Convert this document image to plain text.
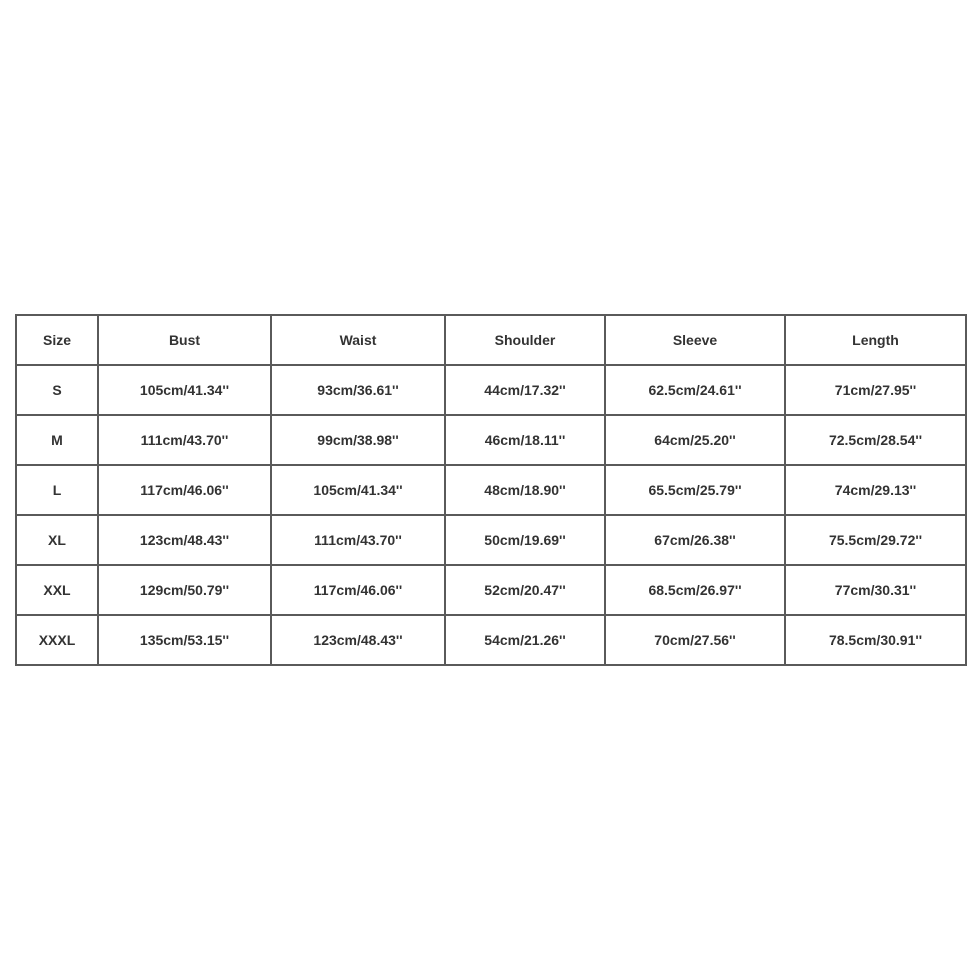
Size	Bust	Waist	Shoulder	Sleeve	Length
S	105cm/41.34''	93cm/36.61''	44cm/17.32''	62.5cm/24.61''	71cm/27.95''
M	111cm/43.70''	99cm/38.98''	46cm/18.11''	64cm/25.20''	72.5cm/28.54''
L	117cm/46.06''	105cm/41.34''	48cm/18.90''	65.5cm/25.79''	74cm/29.13''
XL	123cm/48.43''	111cm/43.70''	50cm/19.69''	67cm/26.38''	75.5cm/29.72''
XXL	129cm/50.79''	117cm/46.06''	52cm/20.47''	68.5cm/26.97''	77cm/30.31''
XXXL	135cm/53.15''	123cm/48.43''	54cm/21.26''	70cm/27.56''	78.5cm/30.91''
